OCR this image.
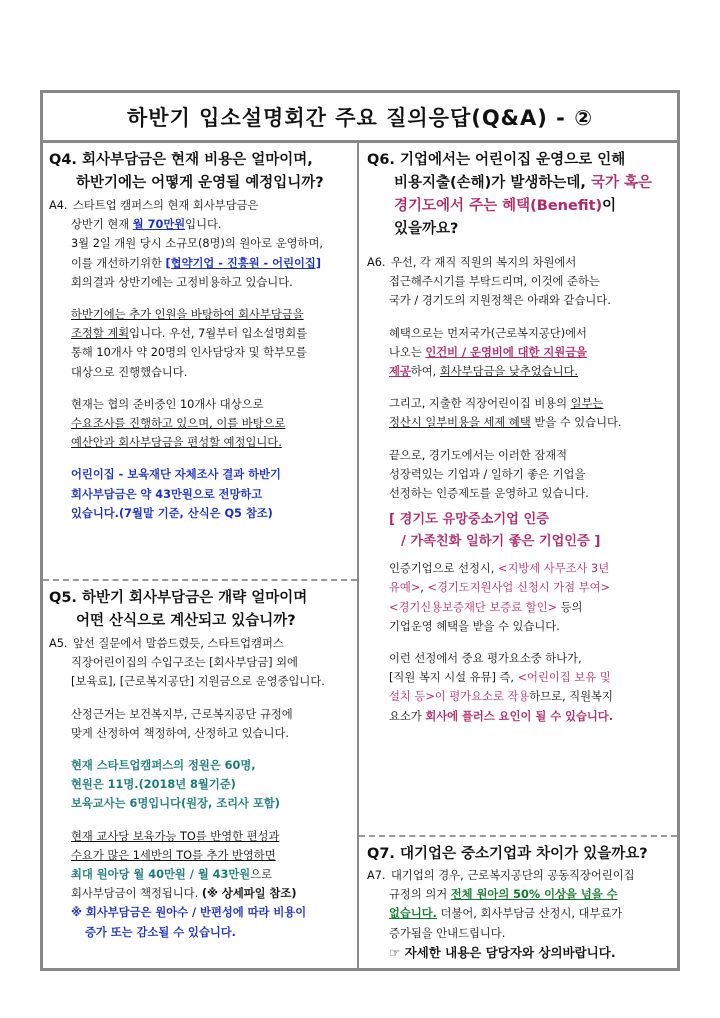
하반기 입소설명회간 주요 질의응답(Q&A) - ②
Q4. 회사부담금은 현재 비용은 얼마이며,
하반기에는 어떻게 운영될 예정입니까?

A4. 스타트업 캠퍼스의 현재 회사부담금은

상반기 현재 월 70만원입니다.

3월 2일 개원 당시 소규모(8명)의 원아로 운영하며,

이를 개선하기위한 [협약기업 - 진흥원 - 어린이집]

회의결과 상반기에는 고정비용하고 있습니다.

하반기에는 추가 인원을 바탕하여 회사부담금을

조정할 계획입니다. 우선, 7월부터 입소설명회를

통해 10개사 약 20명의 인사담당자 및 학부모를

대상으로 진행했습니다.

현재는 협의 준비중인 10개사 대상으로

수요조사를 진행하고 있으며, 이를 바탕으로

예산안과 회사부담금을 편성할 예정입니다.

어린이집 - 보육재단 자체조사 결과 하반기

회사부담금은 약 43만원으로 전망하고

있습니다.(7월말 기준, 산식은 Q5 참조)

Q5. 하반기 회사부담금은 개략 얼마이며
어떤 산식으로 계산되고 있습니까?

A5. 앞선 질문에서 말씀드렸듯, 스타트업캠퍼스

직장어린이집의 수입구조는 [회사부담금] 외에

[보육료], [근로복지공단] 지원금으로 운영중입니다.

산정근거는 보건복지부, 근로복지공단 규정에

맞게 산정하여 책정하여, 산정하고 있습니다.

현재 스타트업캠퍼스의 정원은 60명,

현원은 11명.(2018년 8월기준)

보육교사는 6명입니다(원장, 조리사 포함)

현재 교사당 보육가능 TO를 반영한 편성과

수요가 많은 1세반의 TO를 추가 반영하면

최대 원아당 월 40만원 / 월 43만원으로

회사부담금이 책정됩니다. (※ 상세파일 참조)

※ 회사부담금은 원아수 / 반편성에 따라 비용이

증가 또는 감소될 수 있습니다.

Q6. 기업에서는 어린이집 운영으로 인해
비용지출(손해)가 발생하는데, 국가 혹은
경기도에서 주는 혜택(Benefit)이
있을까요?

A6. 우선, 각 재직 직원의 복지의 차원에서

접근해주시기를 부탁드리며, 이것에 준하는

국가 / 경기도의 지원정책은 아래와 같습니다.

혜택으로는 먼저국가(근로복지공단)에서

나오는 인건비 / 운영비에 대한 지원금을

제공하여, 회사부담금을 낮추었습니다.

그리고, 지출한 직장어린이집 비용의 일부는

정산시 일부비용을 세제 혜택 받을 수 있습니다.

끝으로, 경기도에서는 이러한 잠재적

성장력있는 기업과 / 일하기 좋은 기업을

선정하는 인증제도를 운영하고 있습니다.

[ 경기도 유망중소기업 인증

/ 가족친화 일하기 좋은 기업인증 ]

인증기업으로 선정시, <지방세 사무조사 3년

유예>, <경기도지원사업 신청시 가점 부여>

<경기신용보증재단 보증료 할인> 등의

기업운영 혜택을 받을 수 있습니다.

이런 선정에서 중요 평가요소중 하나가,

[직원 복지 시설 유뮤] 즉, <어린이집 보유 및

설치 등>이 평가요소로 작용하므로, 직원복지

요소가 회사에 플러스 요인이 될 수 있습니다.

Q7. 대기업은 중소기업과 차이가 있을까요?

A7. 대기업의 경우, 근로복지공단의 공동직장어린이집

규정의 의거 전체 원아의 50% 이상을 넘을 수

없습니다. 더불어, 회사부담금 산정시, 대부료가

증가됨을 안내드립니다.

☞ 자세한 내용은 담당자와 상의바랍니다.
